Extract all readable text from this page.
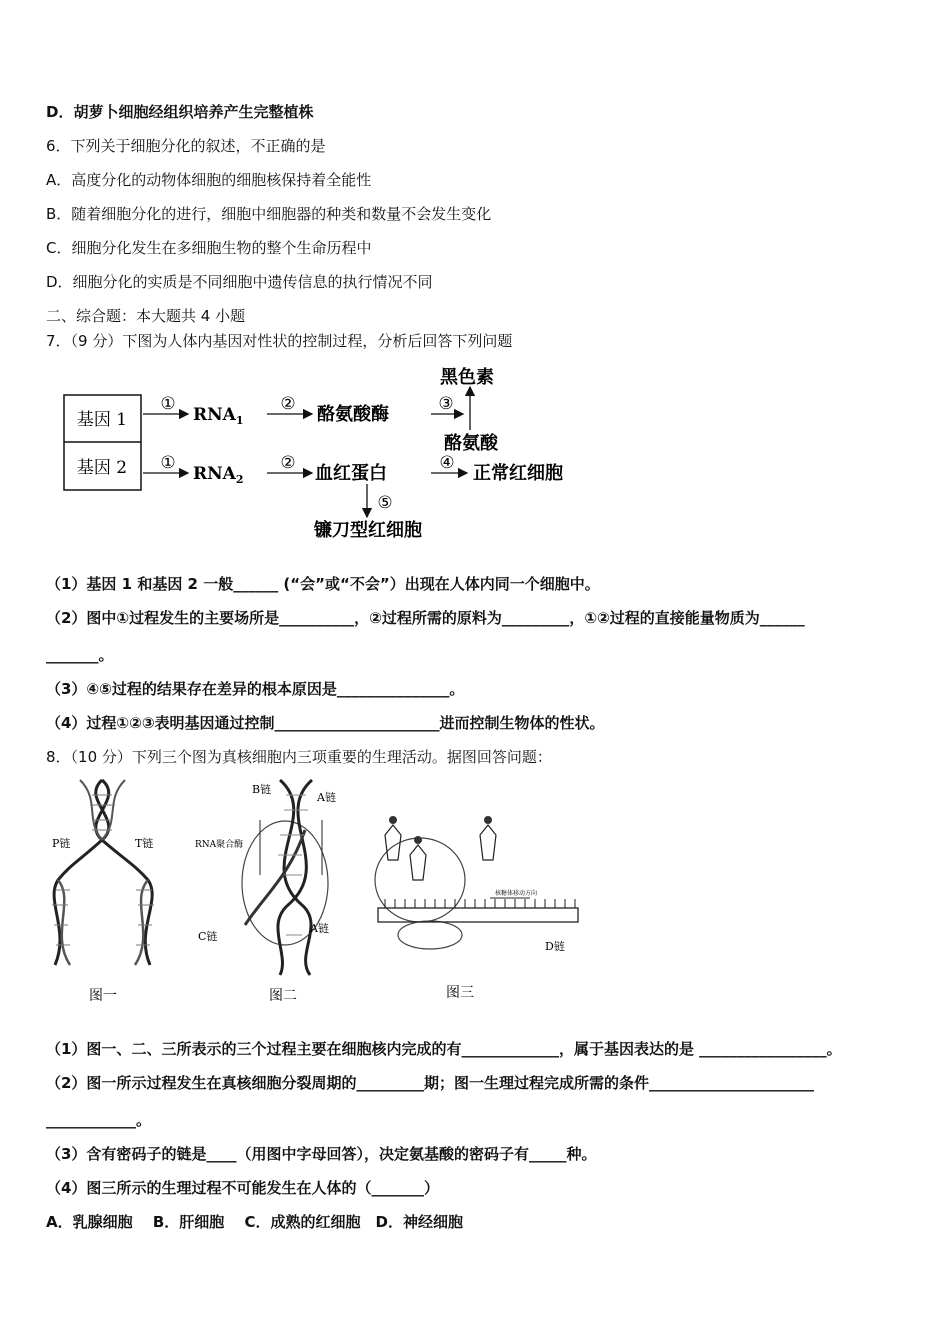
D．胡萝卜细胞经组织培养产生完整植株
6．下列关于细胞分化的叙述，不正确的是
A．高度分化的动物体细胞的细胞核保持着全能性
B．随着细胞分化的进行，细胞中细胞器的种类和数量不会发生变化
C．细胞分化发生在多细胞生物的整个生命历程中
D．细胞分化的实质是不同细胞中遗传信息的执行情况不同
二、综合题：本大题共 4 小题
7．（9 分）下图为人体内基因对性状的控制过程，分析后回答下列问题
基因 1
基因 2
①
$RNA_1$
② 酪氨酸酶	③
黑色素
酪氨酸
①
$RNA_2$
② 血红蛋白	④ 正常红细胞
⑤
镰刀型红细胞
（1）基因 1 和基因 2 一般______ (“会”或“不会”）出现在人体内同一个细胞中。
（2）图中①过程发生的主要场所是__________，②过程所需的原料为_________，①②过程的直接能量物质为______
_______。
（3）④⑤过程的结果存在差异的根本原因是_______________。
（4）过程①②③表明基因通过控制______________________进而控制生物体的性状。
8．（10 分）下列三个图为真核细胞内三项重要的生理活动。据图回答问题：
P链	T链
图一
B链
A链
RNA聚合酶
A链
C链
图二
核糖体移动方向
D链
图三
（1）图一、二、三所表示的三个过程主要在细胞核内完成的有_____________，属于基因表达的是 _________________。
（2）图一所示过程发生在真核细胞分裂周期的_________期；图一生理过程完成所需的条件______________________
____________。
（3）含有密码子的链是____（用图中字母回答），决定氨基酸的密码子有_____种。
（4）图三所示的生理过程不可能发生在人体的（_______）
A．乳腺细胞　 B．肝细胞　 C．成熟的红细胞　D．神经细胞
